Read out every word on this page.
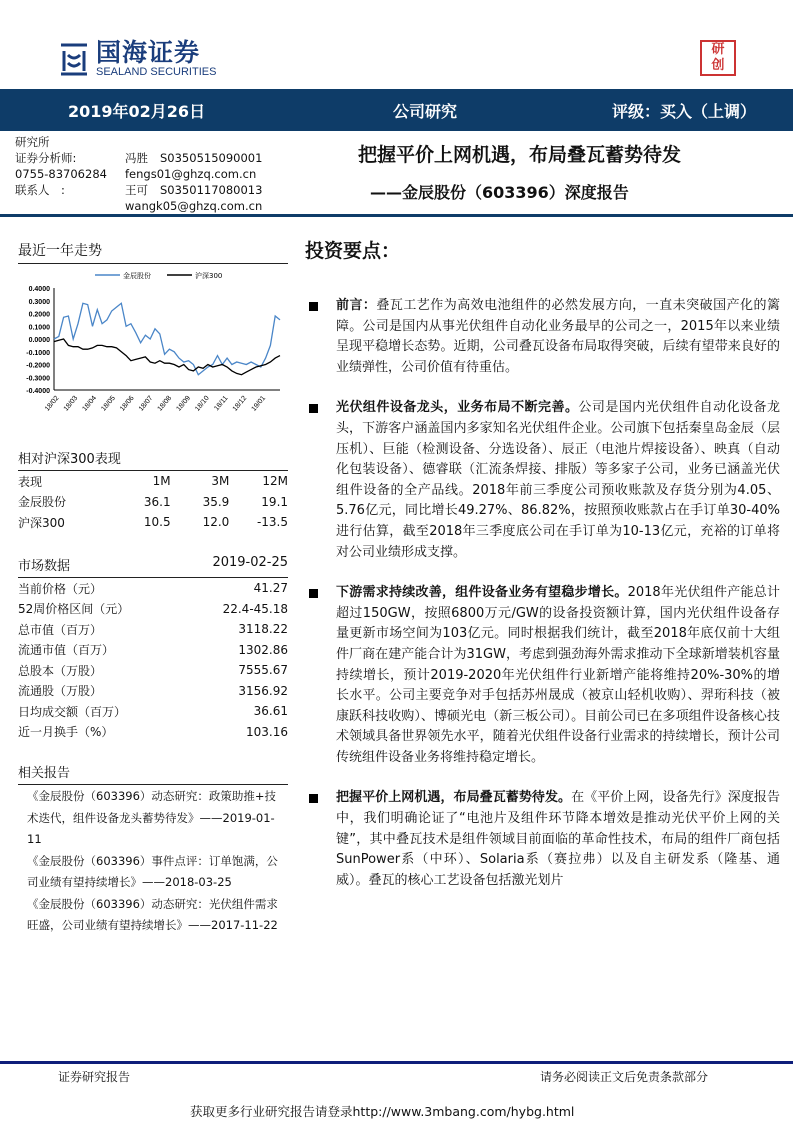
国海证券
SEALAND SECURITIES
研
创
2019年02月26日	公司研究	评级：买入（上调）
研究所
证券分析师:	冯胜 S0350515090001
0755-83706284 fengs01@ghzq.com.cn
联系人　:	王可 S0350117080013
wangk05@ghzq.com.cn
把握平价上网机遇，布局叠瓦蓄势待发
——金辰股份（603396）深度报告
最近一年走势
0.4000
0.3000
0.2000
0.1000
0.0000
-0.1000
-0.2000
-0.3000
-0.4000
18/02 18/03 18/04 18/05 18/06 18/07 18/08 18/09 18/10 18/11 18/12 19/01
金辰股份	沪深300
相对沪深300表现
表现	1M	3M	12M
金辰股份	36.1	35.9	19.1
沪深300	10.5	12.0	-13.5
市场数据	2019-02-25
当前价格（元）	41.27
52周价格区间（元）	22.4-45.18
总市值（百万）	3118.22
流通市值（百万）	1302.86
总股本（万股）	7555.67
流通股（万股）	3156.92
日均成交额（百万）	36.61
近一月换手（%）	103.16
相关报告
《金辰股份（603396）动态研究：政策助推+技术迭代，组件设备龙头蓄势待发》——2019-01-11
《金辰股份（603396）事件点评：订单饱满，公司业绩有望持续增长》——2018-03-25
《金辰股份（603396）动态研究：光伏组件需求旺盛，公司业绩有望持续增长》——2017-11-22
投资要点：

前言：叠瓦工艺作为高效电池组件的必然发展方向，一直未突破国产化的篱障。公司是国内从事光伏组件自动化业务最早的公司之一，2015年以来业绩呈现平稳增长态势。近期，公司叠瓦设备布局取得突破，后续有望带来良好的业绩弹性，公司价值有待重估。

光伏组件设备龙头，业务布局不断完善。公司是国内光伏组件自动化设备龙头，下游客户涵盖国内多家知名光伏组件企业。公司旗下包括秦皇岛金辰（层压机）、巨能（检测设备、分选设备）、辰正（电池片焊接设备）、映真（自动化包装设备）、德睿联（汇流条焊接、排版）等多家子公司，业务已涵盖光伏组件设备的全产品线。2018年前三季度公司预收账款及存货分别为4.05、5.76亿元，同比增长49.27%、86.82%，按照预收账款占在手订单30-40%进行估算，截至2018年三季度底公司在手订单为10-13亿元，充裕的订单将对公司业绩形成支撑。

下游需求持续改善，组件设备业务有望稳步增长。2018年光伏组件产能总计超过150GW，按照6800万元/GW的设备投资额计算，国内光伏组件设备存量更新市场空间为103亿元。同时根据我们统计，截至2018年底仅前十大组件厂商在建产能合计为31GW，考虑到强劲海外需求推动下全球新增装机容量持续增长，预计2019-2020年光伏组件行业新增产能将维持20%-30%的增长水平。公司主要竞争对手包括苏州晟成（被京山轻机收购）、羿珩科技（被康跃科技收购）、博硕光电（新三板公司）。目前公司已在多项组件设备核心技术领域具备世界领先水平，随着光伏组件设备行业需求的持续增长，预计公司传统组件设备业务将维持稳定增长。

把握平价上网机遇，布局叠瓦蓄势待发。在《平价上网，设备先行》深度报告中，我们明确论证了“电池片及组件环节降本增效是推动光伏平价上网的关键”，其中叠瓦技术是组件领域目前面临的革命性技术，布局的组件厂商包括SunPower系（中环）、Solaria系（赛拉弗）以及自主研发系（隆基、通威）。叠瓦的核心工艺设备包括激光划片

证券研究报告	请务必阅读正文后免责条款部分
获取更多行业研究报告请登录http://www.3mbang.com/hybg.html
